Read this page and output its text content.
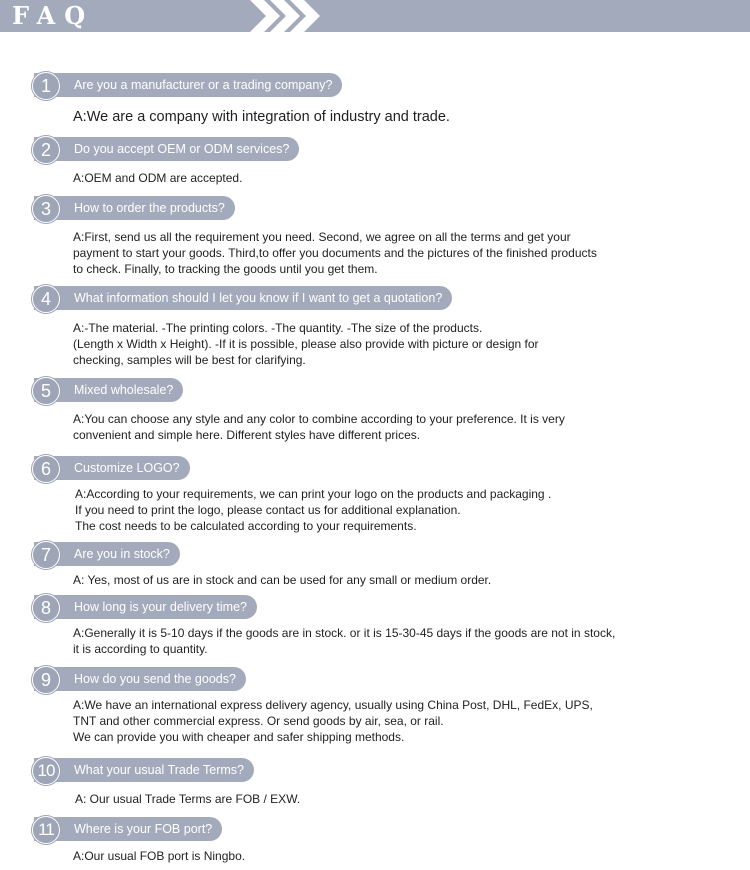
FAQ
Are you a manufacturer or a trading company?
1
A:We are a company with integration of industry and trade.
Do you accept OEM or ODM services?
2
A:OEM and ODM are accepted.
How to order the products?
3
A:First, send us all the requirement you need. Second, we agree on all the terms and get your
payment to start your goods. Third,to offer you documents and the pictures of the finished products
to check. Finally, to tracking the goods until you get them.
What information should I let you know if I want to get a quotation?
4
A:-The material. -The printing colors. -The quantity. -The size of the products.
(Length x Width x Height). -If it is possible, please also provide with picture or design for
checking, samples will be best for clarifying.
Mixed wholesale?
5
A:You can choose any style and any color to combine according to your preference. It is very
convenient and simple here. Different styles have different prices.
Customize LOGO?
6
A:According to your requirements, we can print your logo on the products and packaging .
If you need to print the logo, please contact us for additional explanation.
The cost needs to be calculated according to your requirements.
Are you in stock?
7
A: Yes, most of us are in stock and can be used for any small or medium order.
How long is your delivery time?
8
A:Generally it is 5-10 days if the goods are in stock. or it is 15-30-45 days if the goods are not in stock,
it is according to quantity.
How do you send the goods?
9
A:We have an international express delivery agency, usually using China Post, DHL, FedEx, UPS,
TNT and other commercial express. Or send goods by air, sea, or rail.
We can provide you with cheaper and safer shipping methods.
What your usual Trade Terms?
10
A: Our usual Trade Terms are FOB / EXW.
Where is your FOB port?
11
A:Our usual FOB port is Ningbo.
